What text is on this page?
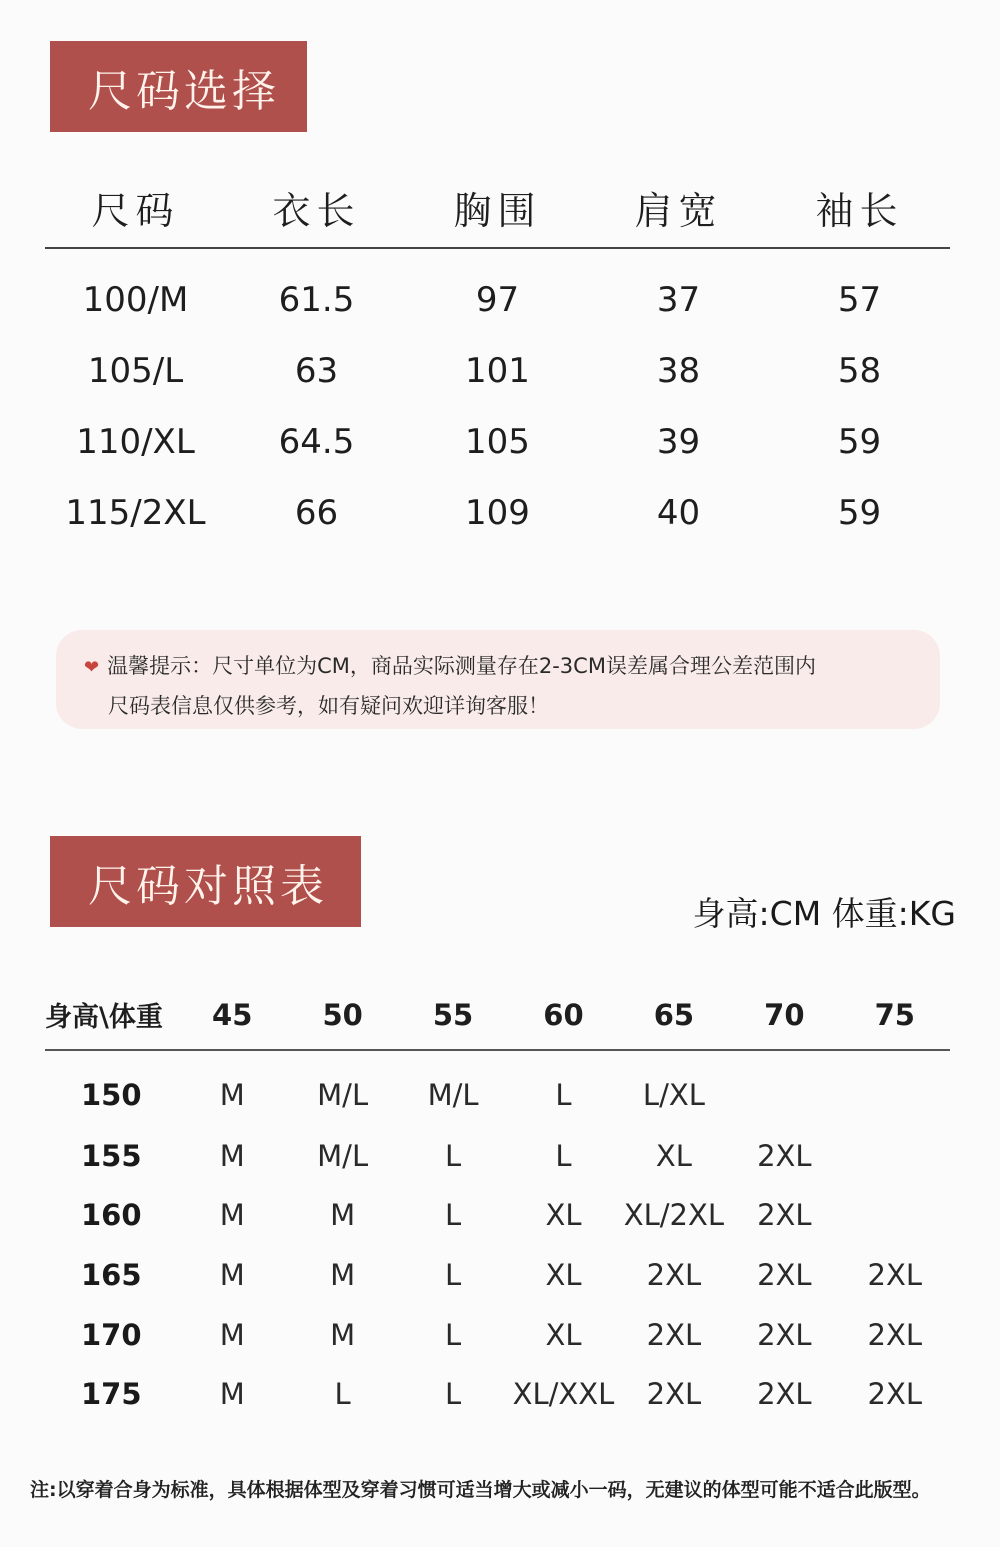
尺码选择
尺码	衣长	胸围	肩宽	袖长
100/M	61.5	97	37	57
105/L	63	101	38	58
110/XL	64.5	105	39	59
115/2XL	66	109	40	59
❤ 温馨提示：尺寸单位为CM，商品实际测量存在2-3CM误差属合理公差范围内
尺码表信息仅供参考，如有疑问欢迎详询客服！
尺码对照表
身高:CM 体重:KG
身高\体重	45	50	55	60	65	70	75
150	M	M/L	M/L	L	L/XL		
155	M	M/L	L	L	XL	2XL	
160	M	M	L	XL	XL/2XL	2XL	
165	M	M	L	XL	2XL	2XL	2XL
170	M	M	L	XL	2XL	2XL	2XL
175	M	L	L	XL/XXL	2XL	2XL	2XL
注:以穿着合身为标准，具体根据体型及穿着习惯可适当增大或减小一码，无建议的体型可能不适合此版型。
